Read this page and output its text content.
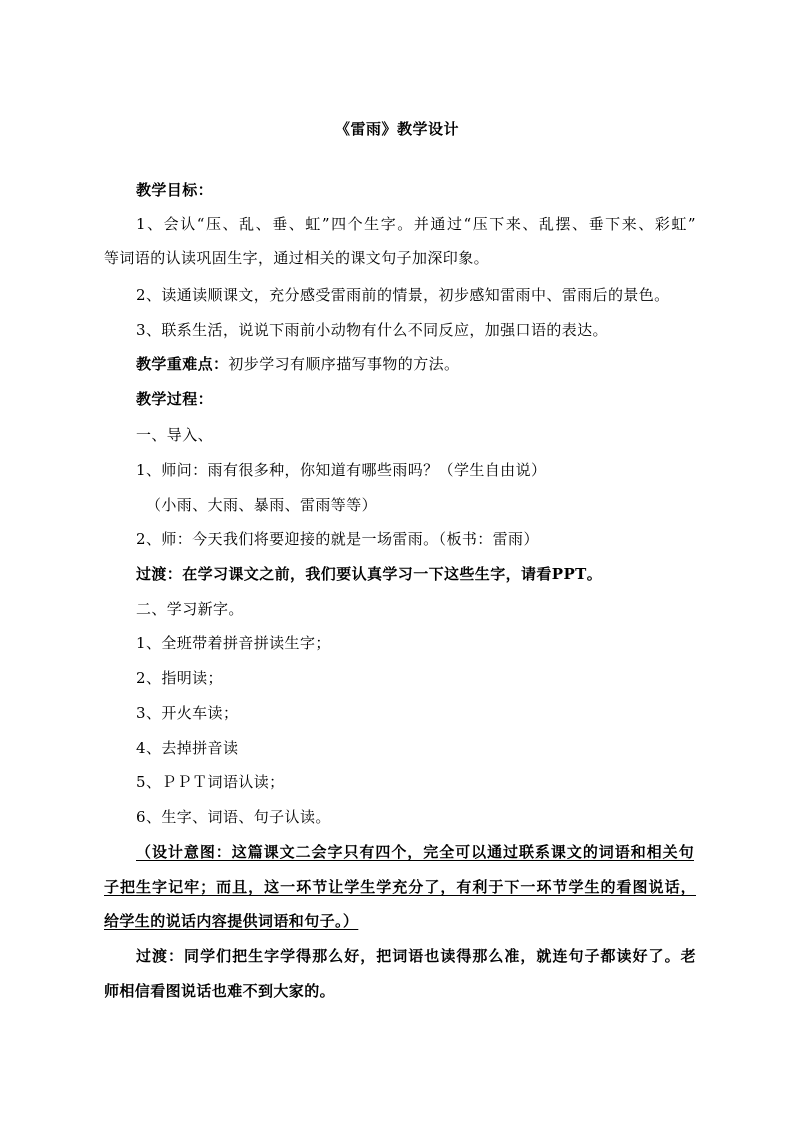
《雷雨》教学设计
教学目标：
1、会认“压、乱、垂、虹”四个生字。并通过“压下来、乱摆、垂下来、彩虹”
等词语的认读巩固生字，通过相关的课文句子加深印象。
2、读通读顺课文，充分感受雷雨前的情景，初步感知雷雨中、雷雨后的景色。
3、联系生活，说说下雨前小动物有什么不同反应，加强口语的表达。
教学重难点：初步学习有顺序描写事物的方法。
教学过程：
一、导入、
1、师问：雨有很多种，你知道有哪些雨吗？（学生自由说）
（小雨、大雨、暴雨、雷雨等等）
2、师：今天我们将要迎接的就是一场雷雨。（板书：雷雨）
过渡：在学习课文之前，我们要认真学习一下这些生字，请看PPT。
二、学习新字。
1、全班带着拼音拼读生字；
2、指明读；
3、开火车读；
4、去掉拼音读
5、ＰＰＴ词语认读；
6、生字、词语、句子认读。
（设计意图：这篇课文二会字只有四个，完全可以通过联系课文的词语和相关句
子把生字记牢；而且，这一环节让学生学充分了，有利于下一环节学生的看图说话，
给学生的说话内容提供词语和句子。）
过渡：同学们把生字学得那么好，把词语也读得那么准，就连句子都读好了。老
师相信看图说话也难不到大家的。
